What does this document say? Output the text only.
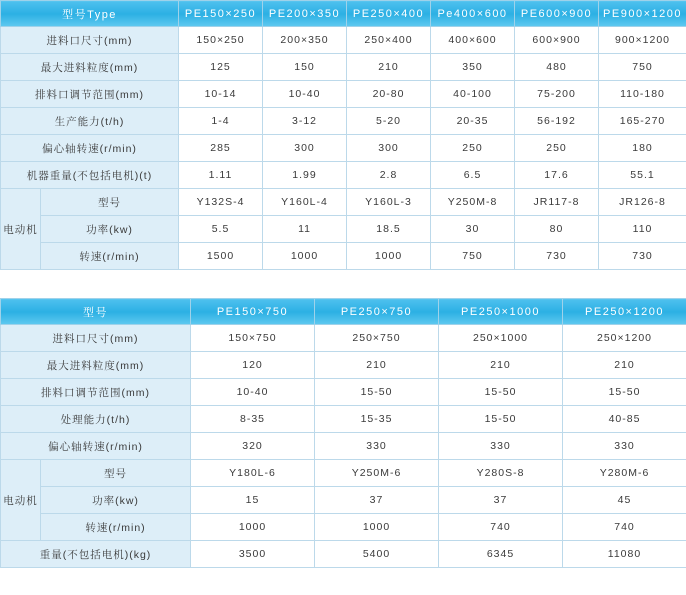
型号Type		PE150×250	PE200×350	PE250×400	Pe400×600	PE600×900	PE900×1200
进料口尺寸(mm)		150×250	200×350	250×400	400×600	600×900	900×1200
最大进料粒度(mm)		125	150	210	350	480	750
排料口调节范围(mm)		10-14	10-40	20-80	40-100	75-200	110-180
生产能力(t/h)		1-4	3-12	5-20	20-35	56-192	165-270
偏心轴转速(r/min)		285	300	300	250	250	180
机器重量(不包括电机)(t)		1.11	1.99	2.8	6.5	17.6	55.1
电动机	型号	Y132S-4	Y160L-4	Y160L-3	Y250M-8	JR117-8	JR126-8
	功率(kw)	5.5	11	18.5	30	80	110
	转速(r/min)	1500	1000	1000	750	730	730
型号		PE150×750	PE250×750	PE250×1000	PE250×1200
进料口尺寸(mm)		150×750	250×750	250×1000	250×1200
最大进料粒度(mm)		120	210	210	210
排料口调节范围(mm)		10-40	15-50	15-50	15-50
处理能力(t/h)		8-35	15-35	15-50	40-85
偏心轴转速(r/min)		320	330	330	330
电动机	型号	Y180L-6	Y250M-6	Y280S-8	Y280M-6
	功率(kw)	15	37	37	45
	转速(r/min)	1000	1000	740	740
重量(不包括电机)(kg)		3500	5400	6345	11080
